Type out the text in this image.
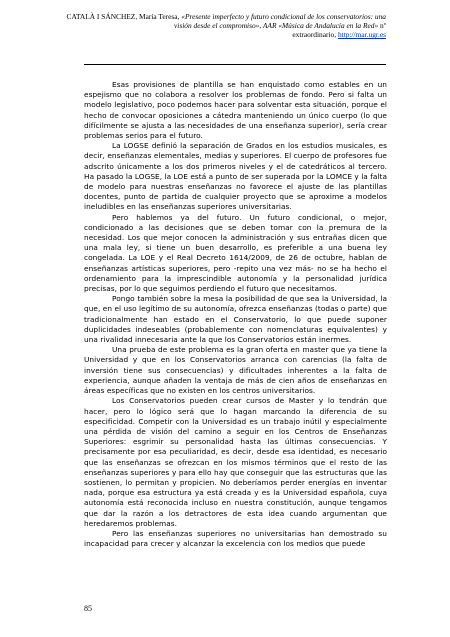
CATALÀ I SÁNCHEZ, María Teresa, «Presente imperfecto y futuro condicional de los conservatorios: una visión desde el compromiso», AAR «Música de Andalucía en la Red» nº
extraordinario, http://mar.ugr.es

Esas provisiones de plantilla se han enquistado como estables en un espejismo que no colabora a resolver los problemas de fondo. Pero si falta un modelo legislativo, poco podemos hacer para solventar esta situación, porque el hecho de convocar oposiciones a cátedra manteniendo un único cuerpo (lo que difícilmente se ajusta a las necesidades de una enseñanza superior), sería crear problemas serios para el futuro.

La LOGSE definió la separación de Grados en los estudios musicales, es decir, enseñanzas elementales, medias y superiores. El cuerpo de profesores fue adscrito únicamente a los dos primeros niveles y el de catedráticos al tercero. Ha pasado la LOGSE, la LOE está a punto de ser superada por la LOMCE y la falta de modelo para nuestras enseñanzas no favorece el ajuste de las plantillas docentes, punto de partida de cualquier proyecto que se aproxime a modelos ineludibles en las enseñanzas superiores universitarias.

Pero hablemos ya del futuro. Un futuro condicional, o mejor, condicionado a las decisiones que se deben tomar con la premura de la necesidad. Los que mejor conocen la administración y sus entrañas dicen que una mala ley, si tiene un buen desarrollo, es preferible a una buena ley congelada. La LOE y el Real Decreto 1614/2009, de 26 de octubre, hablan de enseñanzas artísticas superiores, pero -repito una vez más- no se ha hecho el ordenamiento para la imprescindible autonomía y la personalidad jurídica precisas, por lo que seguimos perdiendo el futuro que necesitamos.

Pongo también sobre la mesa la posibilidad de que sea la Universidad, la que, en el uso legítimo de su autonomía, ofrezca enseñanzas (todas o parte) que tradicionalmente han estado en el Conservatorio, lo que puede suponer duplicidades indeseables (probablemente con nomenclaturas equivalentes) y una rivalidad innecesaria ante la que los Conservatorios están inermes.

Una prueba de este problema es la gran oferta en master que ya tiene la Universidad y que en los Conservatorios arranca con carencias (la falta de inversión tiene sus consecuencias) y dificultades inherentes a la falta de experiencia, aunque añaden la ventaja de más de cien años de enseñanzas en áreas específicas que no existen en los centros universitarios.

Los Conservatorios pueden crear cursos de Master y lo tendrán que hacer, pero lo lógico será que lo hagan marcando la diferencia de su especificidad. Competir con la Universidad es un trabajo inútil y especialmente una pérdida de visión del camino a seguir en los Centros de Enseñanzas Superiores: esgrimir su personalidad hasta las últimas consecuencias. Y precisamente por esa peculiaridad, es decir, desde esa identidad, es necesario que las enseñanzas se ofrezcan en los mismos términos que el resto de las enseñanzas superiores y para ello hay que conseguir que las estructuras que las sostienen, lo permitan y propicien. No deberíamos perder energías en inventar nada, porque esa estructura ya está creada y es la Universidad española, cuya autonomía está reconocida incluso en nuestra constitución, aunque tengamos que dar la razón a los detractores de esta idea cuando argumentan que heredaremos problemas.

Pero las enseñanzas superiores no universitarias han demostrado su incapacidad para crecer y alcanzar la excelencia con los medios que puede

85
